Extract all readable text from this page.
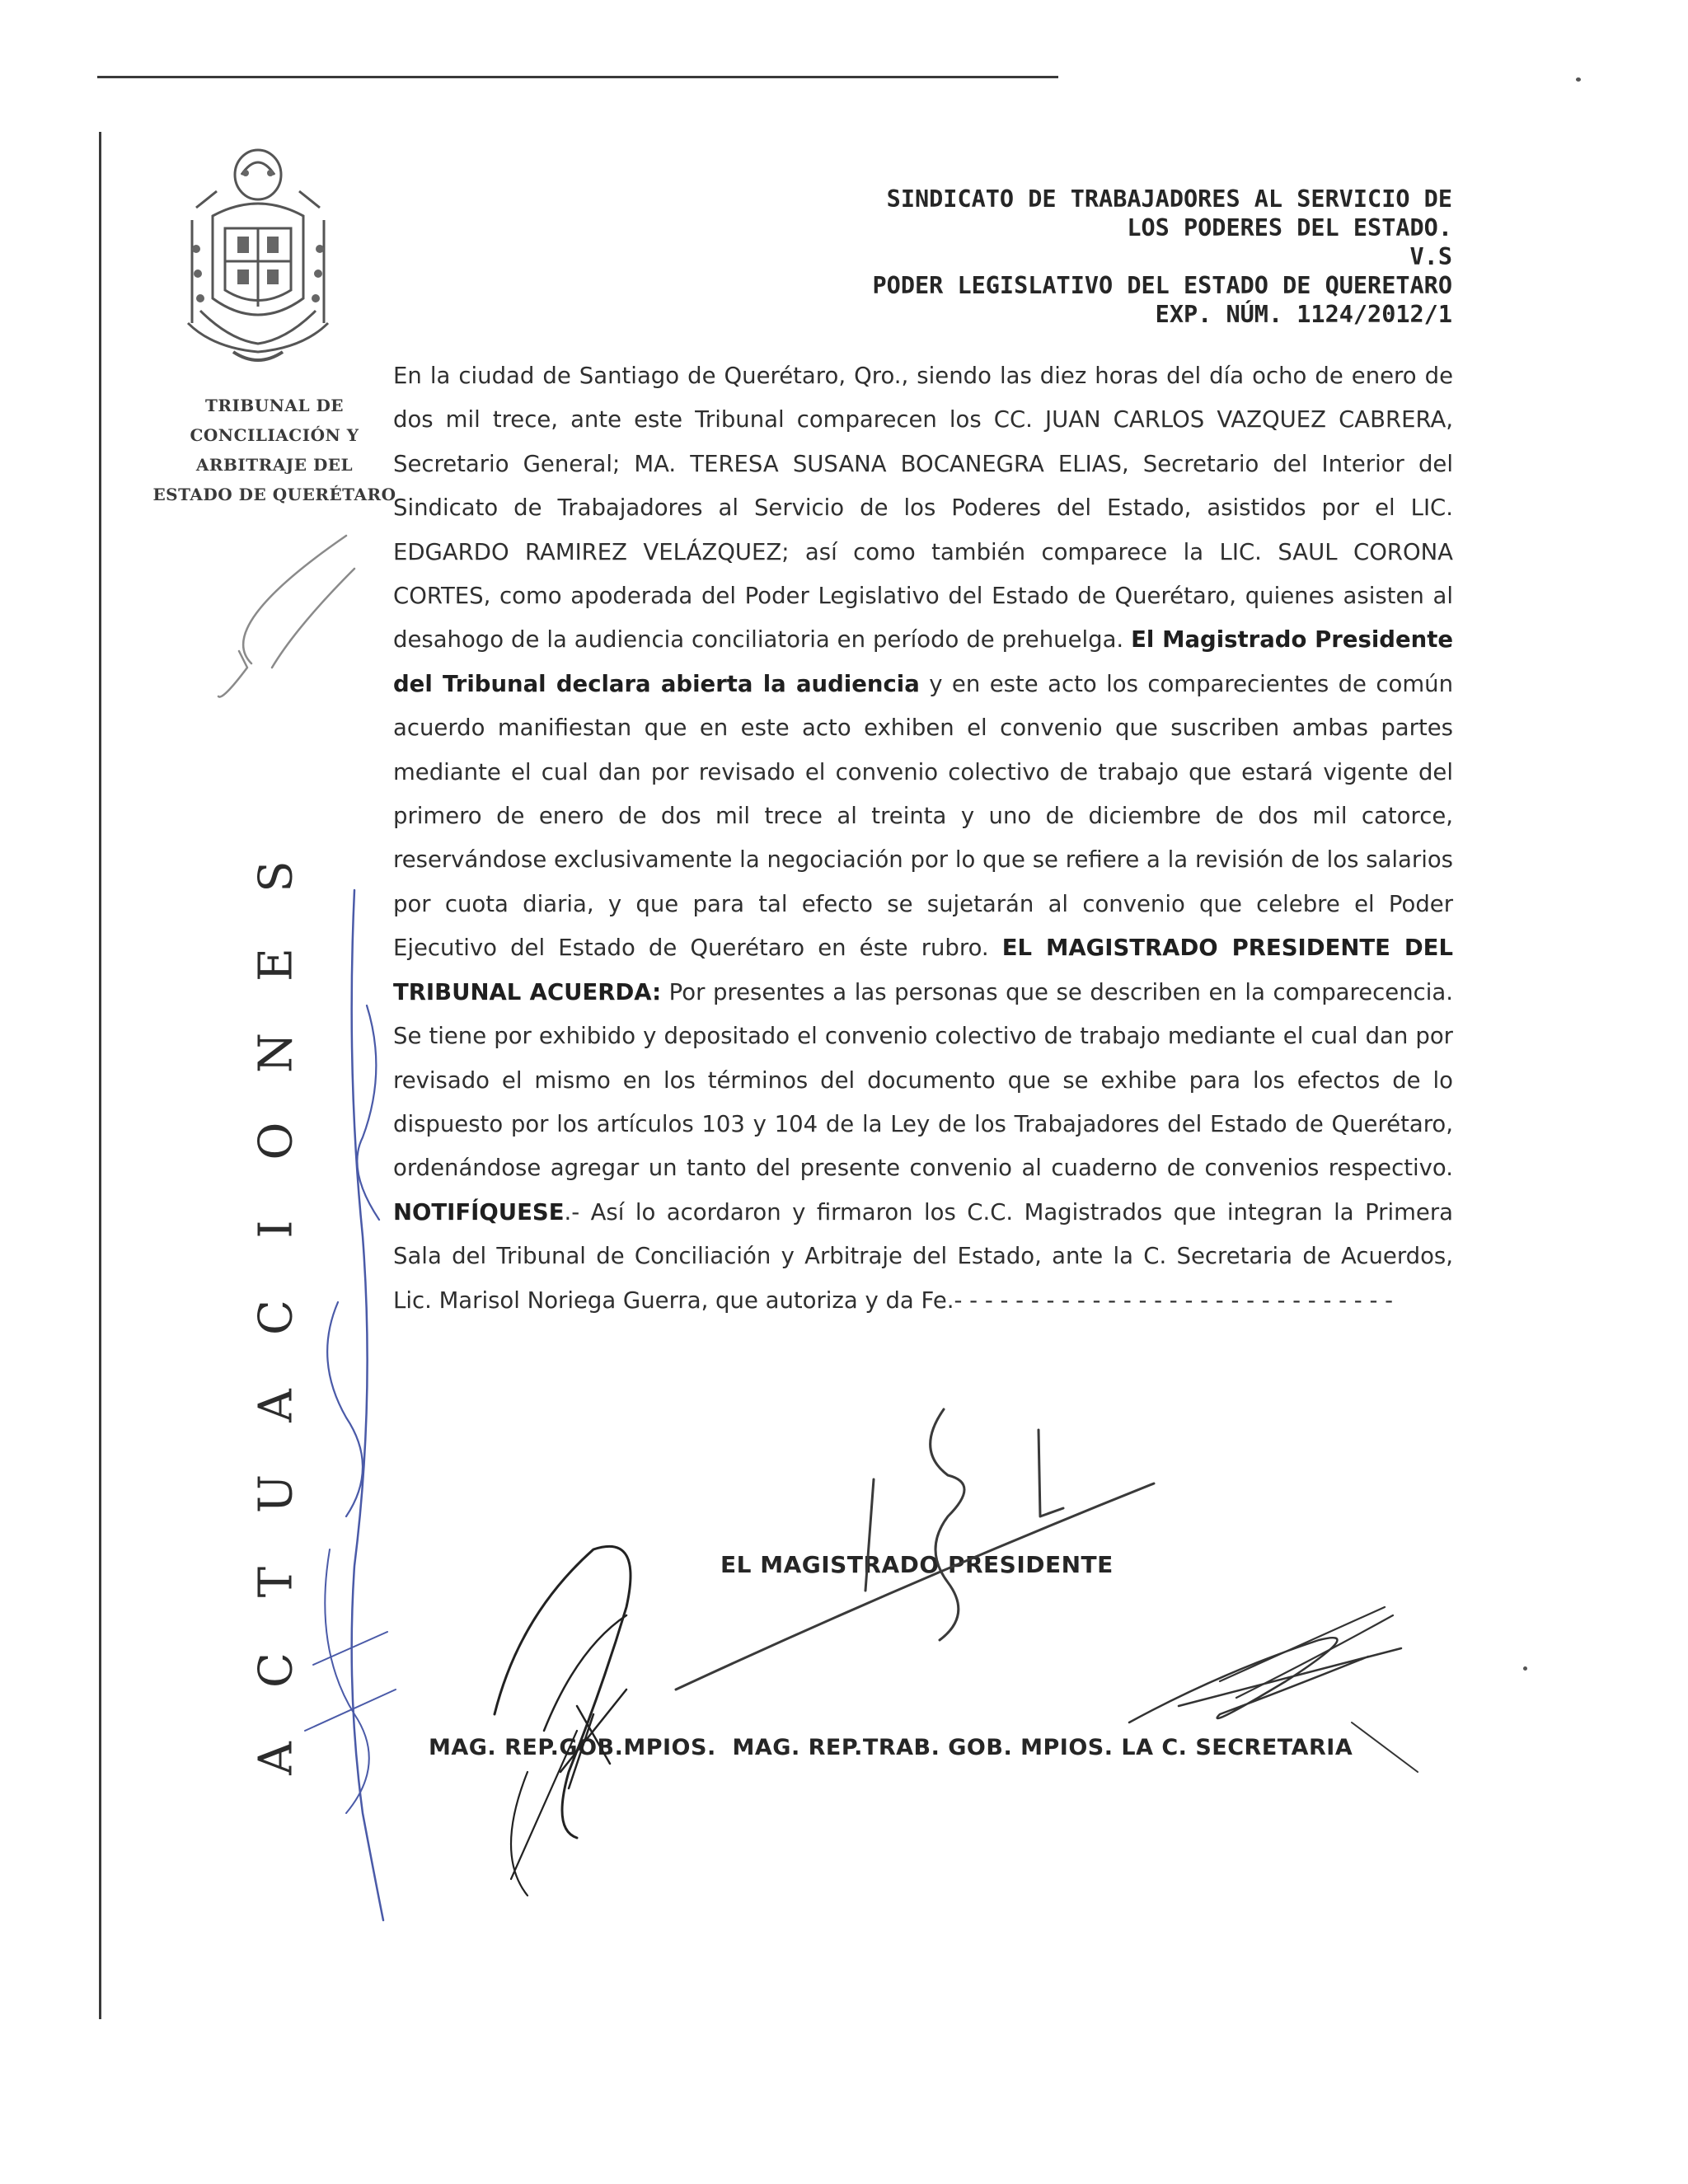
TRIBUNAL DE
CONCILIACIÓN Y
ARBITRAJE DEL
ESTADO DE QUERÉTARO
SINDICATO DE TRABAJADORES AL SERVICIO DE
LOS PODERES DEL ESTADO.
V.S
PODER LEGISLATIVO DEL ESTADO DE QUERETARO
EXP. NÚM. 1124/2012/1
S
E
N
O
I
C
A
U
T
C
A
En la ciudad de Santiago de Querétaro, Qro., siendo las diez horas del día ocho de enero de dos mil trece, ante este Tribunal comparecen los CC. JUAN CARLOS VAZQUEZ CABRERA, Secretario General; MA. TERESA SUSANA BOCANEGRA ELIAS, Secretario del Interior del Sindicato de Trabajadores al Servicio de los Poderes del Estado, asistidos por el LIC. EDGARDO RAMIREZ VELÁZQUEZ; así como también comparece la LIC. SAUL CORONA CORTES, como apoderada del Poder Legislativo del Estado de Querétaro, quienes asisten al desahogo de la audiencia conciliatoria en período de prehuelga. El Magistrado Presidente del Tribunal declara abierta la audiencia y en este acto los comparecientes de común acuerdo manifiestan que en este acto exhiben el convenio que suscriben ambas partes mediante el cual dan por revisado el convenio colectivo de trabajo que estará vigente del primero de enero de dos mil trece al treinta y uno de diciembre de dos mil catorce, reservándose exclusivamente la negociación por lo que se refiere a la revisión de los salarios por cuota diaria, y que para tal efecto se sujetarán al convenio que celebre el Poder Ejecutivo del Estado de Querétaro en éste rubro. EL MAGISTRADO PRESIDENTE DEL TRIBUNAL ACUERDA: Por presentes a las personas que se describen en la comparecencia. Se tiene por exhibido y depositado el convenio colectivo de trabajo mediante el cual dan por revisado el mismo en los términos del documento que se exhibe para los efectos de lo dispuesto por los artículos 103 y 104 de la Ley de los Trabajadores del Estado de Querétaro, ordenándose agregar un tanto del presente convenio al cuaderno de convenios respectivo. NOTIFÍQUESE.- Así lo acordaron y firmaron los C.C. Magistrados que integran la Primera Sala del Tribunal de Conciliación y Arbitraje del Estado, ante la C. Secretaria de Acuerdos, Lic. Marisol Noriega Guerra, que autoriza y da Fe.- - - - - - - - - - - - - - - - - - - - - - - - - - - - -
EL MAGISTRADO PRESIDENTE
MAG. REP.GOB.MPIOS.  MAG. REP.TRAB. GOB. MPIOS. LA C. SECRETARIA
